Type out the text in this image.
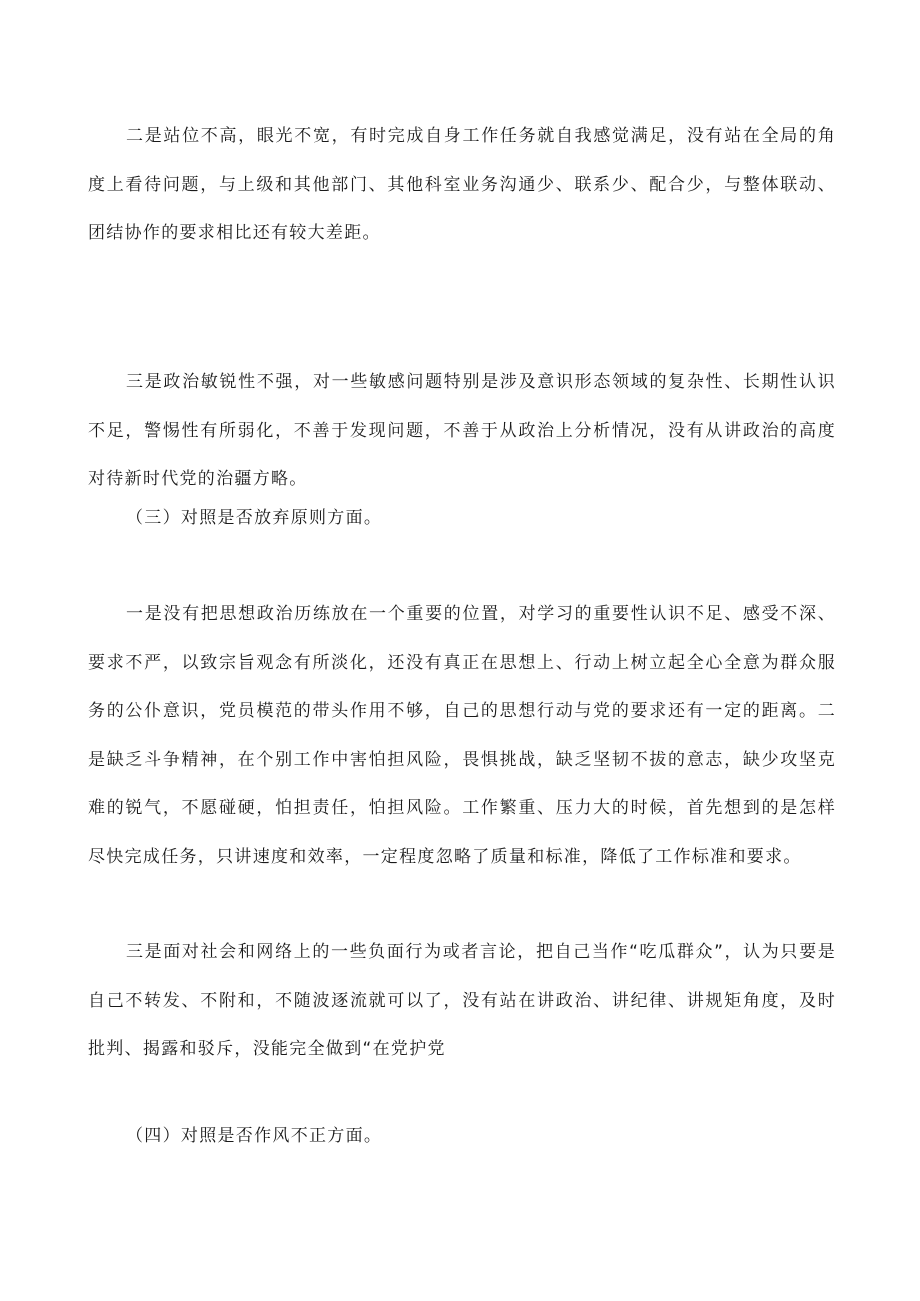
二是站位不高，眼光不宽，有时完成自身工作任务就自我感觉满足，没有站在全局的角度上看待问题，与上级和其他部门、其他科室业务沟通少、联系少、配合少，与整体联动、团结协作的要求相比还有较大差距。

三是政治敏锐性不强，对一些敏感问题特别是涉及意识形态领域的复杂性、长期性认识不足，警惕性有所弱化，不善于发现问题，不善于从政治上分析情况，没有从讲政治的高度对待新时代党的治疆方略。

（三）对照是否放弃原则方面。

一是没有把思想政治历练放在一个重要的位置，对学习的重要性认识不足、感受不深、要求不严，以致宗旨观念有所淡化，还没有真正在思想上、行动上树立起全心全意为群众服务的公仆意识，党员模范的带头作用不够，自己的思想行动与党的要求还有一定的距离。二是缺乏斗争精神，在个别工作中害怕担风险，畏惧挑战，缺乏坚韧不拔的意志，缺少攻坚克难的锐气，不愿碰硬，怕担责任，怕担风险。工作繁重、压力大的时候，首先想到的是怎样尽快完成任务，只讲速度和效率，一定程度忽略了质量和标准，降低了工作标准和要求。

三是面对社会和网络上的一些负面行为或者言论，把自己当作“吃瓜群众”，认为只要是自己不转发、不附和，不随波逐流就可以了，没有站在讲政治、讲纪律、讲规矩角度，及时批判、揭露和驳斥，没能完全做到“在党护党

（四）对照是否作风不正方面。
